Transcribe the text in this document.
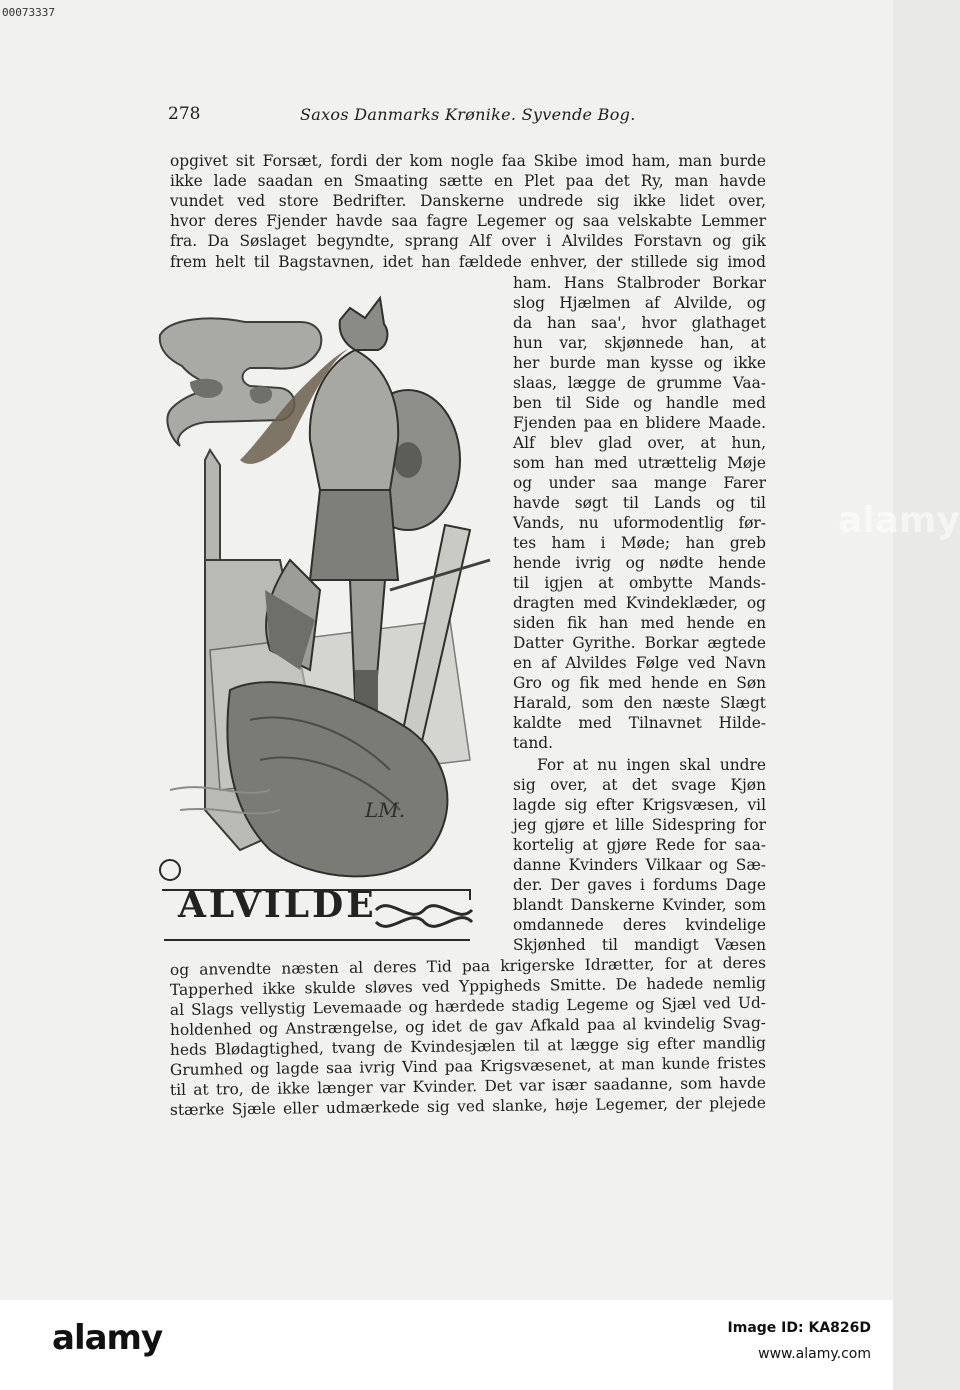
00073337
278	Saxos Danmarks Krønike. Syvende Bog.
opgivet sit Forsæt, fordi der kom nogle faa Skibe imod ham, man burde
ikke lade saadan en Smaating sætte en Plet paa det Ry, man havde
vundet ved store Bedrifter. Danskerne undrede sig ikke lidet over,
hvor deres Fjender havde saa fagre Legemer og saa velskabte Lemmer
fra. Da Søslaget begyndte, sprang Alf over i Alvildes Forstavn og gik
frem helt til Bagstavnen, idet han fældede enhver, der stillede sig imod
ham. Hans Stalbroder Borkar
slog Hjælmen af Alvilde, og
da han saa', hvor glathaget
hun var, skjønnede han, at
her burde man kysse og ikke
slaas, lægge de grumme Vaa-
ben til Side og handle med
Fjenden paa en blidere Maade.
Alf blev glad over, at hun,
som han med utrættelig Møje
og under saa mange Farer
havde søgt til Lands og til
Vands, nu uformodentlig før-
tes ham i Møde; han greb
hende ivrig og nødte hende
til igjen at ombytte Mands-
dragten med Kvindeklæder, og
siden fik han med hende en
Datter Gyrithe. Borkar ægtede
en af Alvildes Følge ved Navn
Gro og fik med hende en Søn
Harald, som den næste Slægt
kaldte med Tilnavnet Hilde-
tand.
For at nu ingen skal undre
sig over, at det svage Kjøn
lagde sig efter Krigsvæsen, vil
jeg gjøre et lille Sidespring for
kortelig at gjøre Rede for saa-
danne Kvinders Vilkaar og Sæ-
der. Der gaves i fordums Dage
blandt Danskerne Kvinder, som
omdannede deres kvindelige
Skjønhed til mandigt Væsen
og anvendte næsten al deres Tid paa krigerske Idrætter, for at deres
Tapperhed ikke skulde sløves ved Yppigheds Smitte. De hadede nemlig
al Slags vellystig Levemaade og hærdede stadig Legeme og Sjæl ved Ud-
holdenhed og Anstrængelse, og idet de gav Afkald paa al kvindelig Svag-
heds Blødagtighed, tvang de Kvindesjælen til at lægge sig efter mandlig
Grumhed og lagde saa ivrig Vind paa Krigsvæsenet, at man kunde fristes
til at tro, de ikke længer var Kvinder. Det var især saadanne, som havde
stærke Sjæle eller udmærkede sig ved slanke, høje Legemer, der plejede
LM.
ALVILDE
alamy
alamy	Image ID: KA826D
www.alamy.com
